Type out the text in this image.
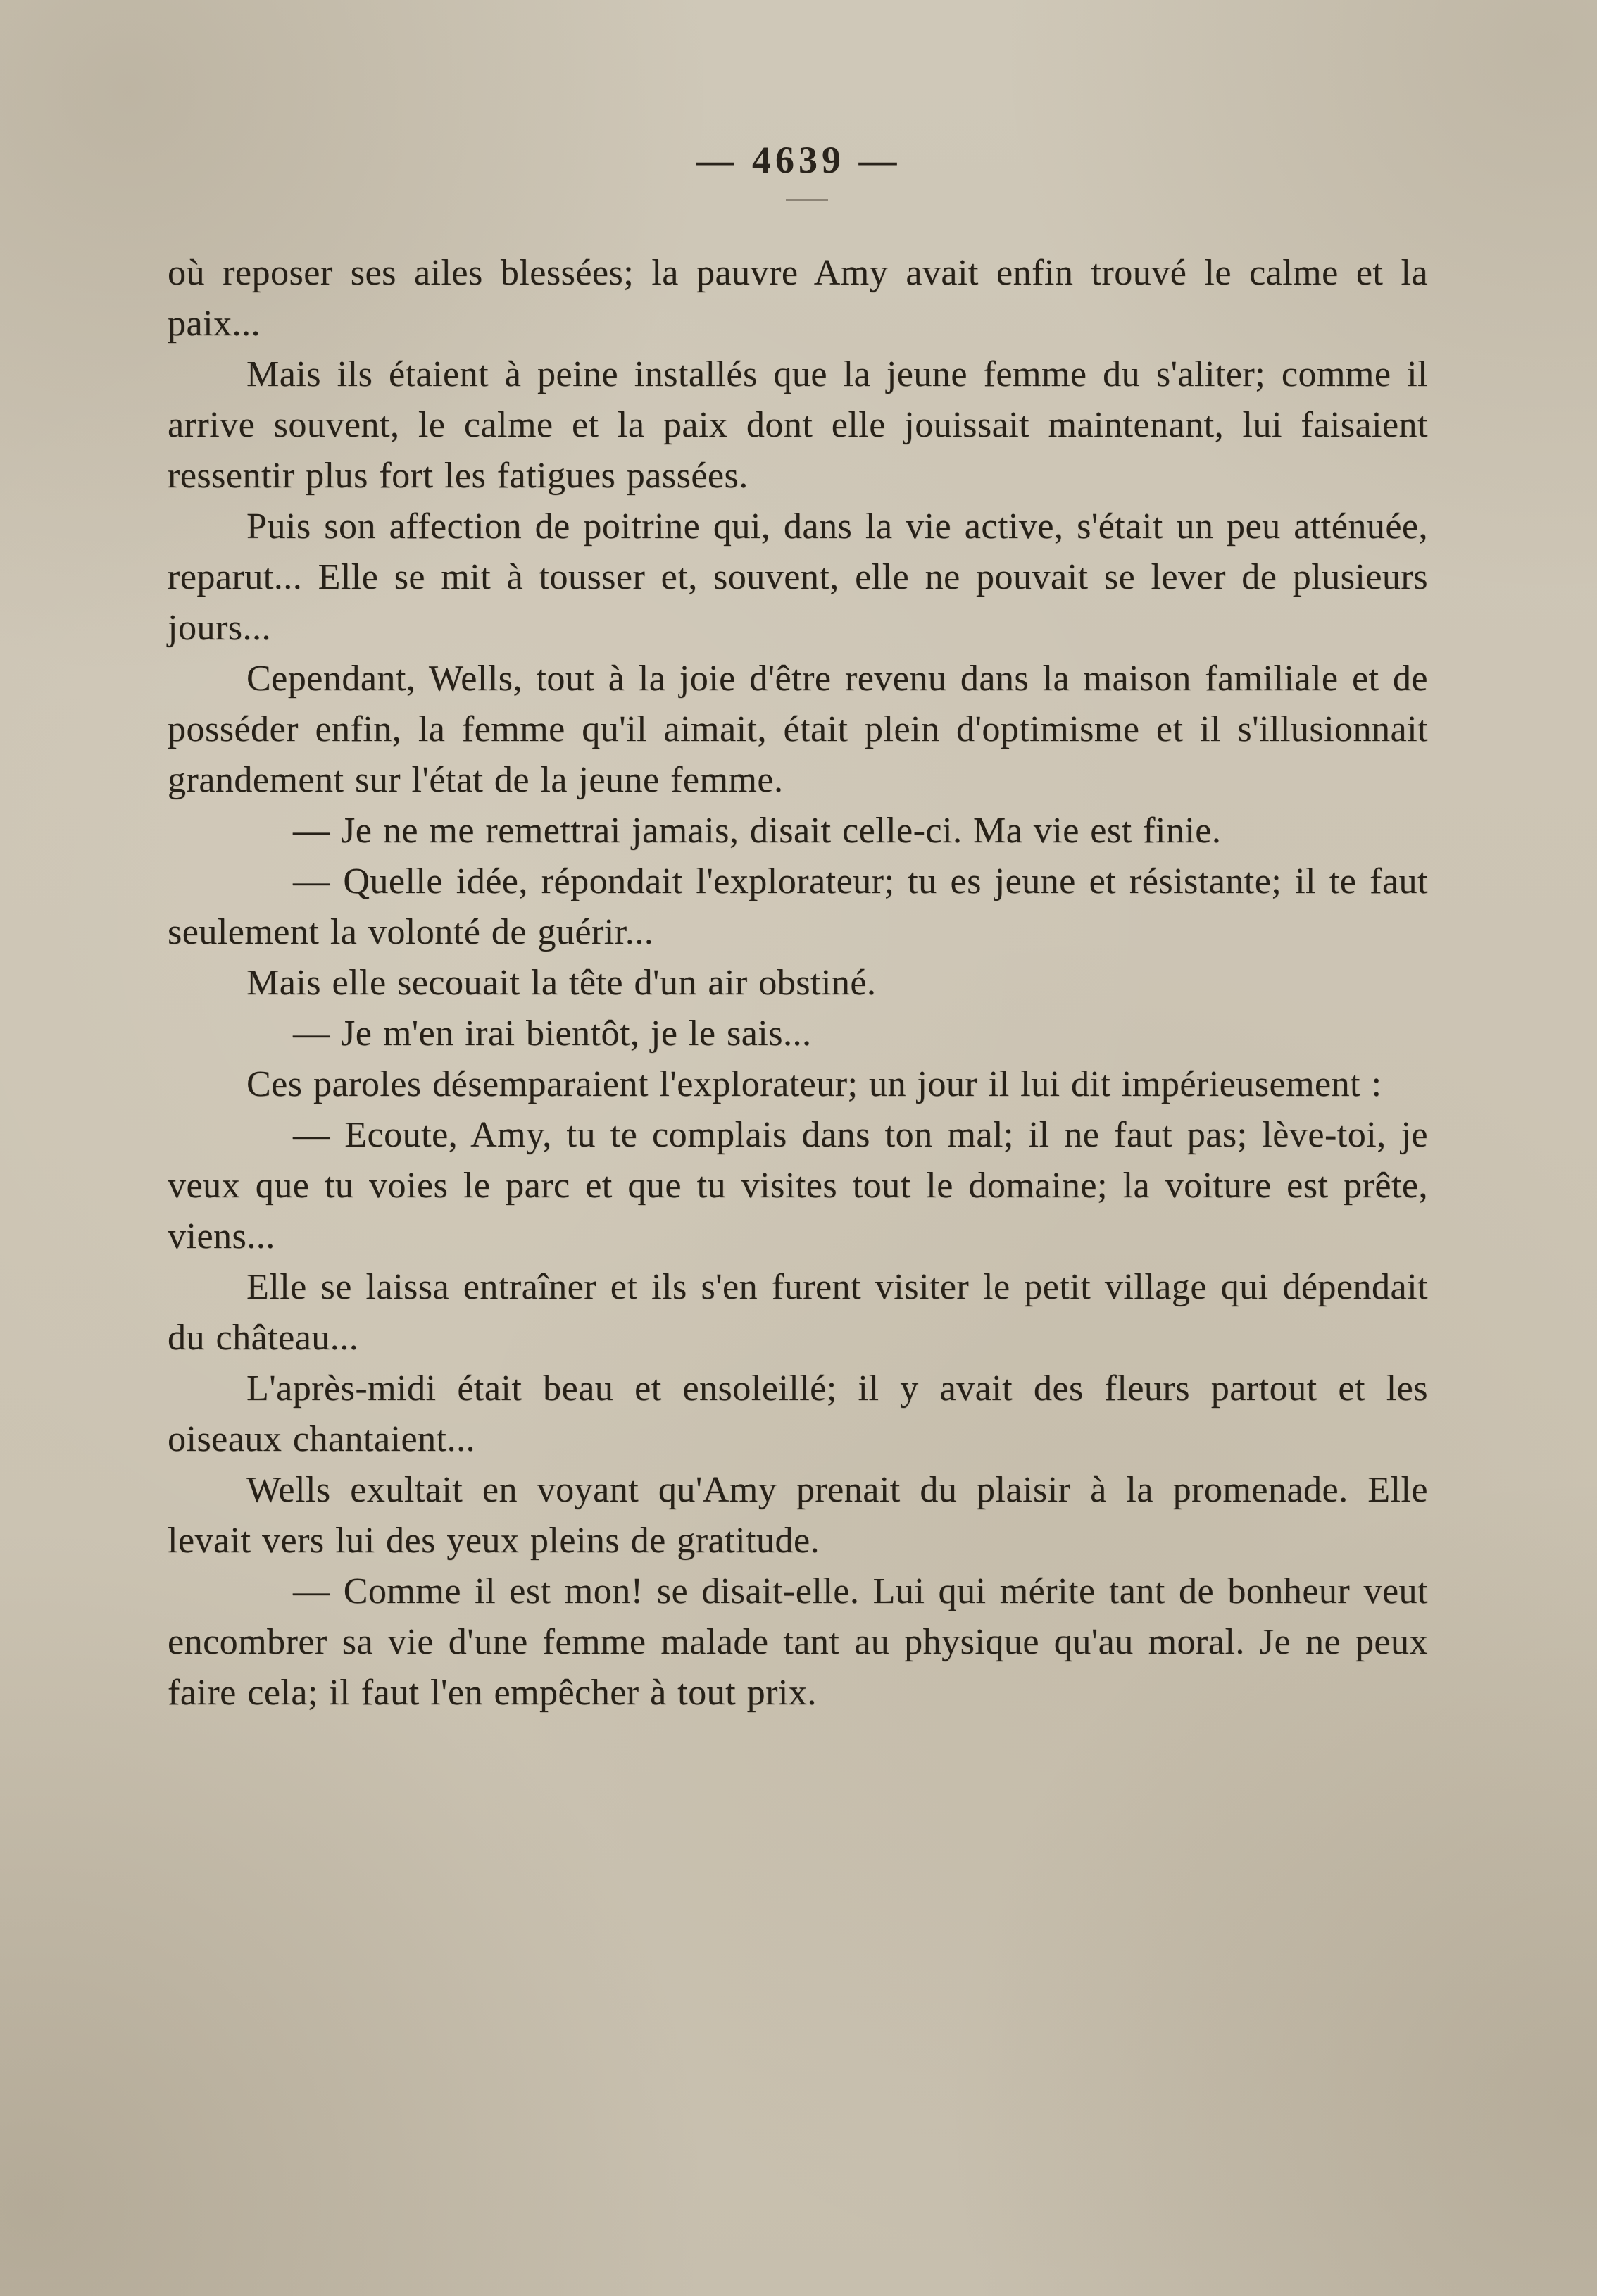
— 4639 —

où reposer ses ailes blessées; la pauvre Amy avait enfin trouvé le calme et la paix...

Mais ils étaient à peine installés que la jeune femme du s'aliter; comme il arrive souvent, le calme et la paix dont elle jouissait maintenant, lui faisaient ressentir plus fort les fatigues passées.

Puis son affection de poitrine qui, dans la vie active, s'était un peu atténuée, reparut... Elle se mit à tousser et, souvent, elle ne pouvait se lever de plusieurs jours...

Cependant, Wells, tout à la joie d'être revenu dans la maison familiale et de posséder enfin, la femme qu'il aimait, était plein d'optimisme et il s'illusionnait grandement sur l'état de la jeune femme.

— Je ne me remettrai jamais, disait celle-ci. Ma vie est finie.

— Quelle idée, répondait l'explorateur; tu es jeune et résistante; il te faut seulement la volonté de guérir...

Mais elle secouait la tête d'un air obstiné.

— Je m'en irai bientôt, je le sais...

Ces paroles désemparaient l'explorateur; un jour il lui dit impérieusement :

— Ecoute, Amy, tu te complais dans ton mal; il ne faut pas; lève-toi, je veux que tu voies le parc et que tu visites tout le domaine; la voiture est prête, viens...

Elle se laissa entraîner et ils s'en furent visiter le petit village qui dépendait du château...

L'après-midi était beau et ensoleillé; il y avait des fleurs partout et les oiseaux chantaient...

Wells exultait en voyant qu'Amy prenait du plaisir à la promenade. Elle levait vers lui des yeux pleins de gratitude.

— Comme il est mon! se disait-elle. Lui qui mérite tant de bonheur veut encombrer sa vie d'une femme malade tant au physique qu'au moral. Je ne peux faire cela; il faut l'en empêcher à tout prix.
